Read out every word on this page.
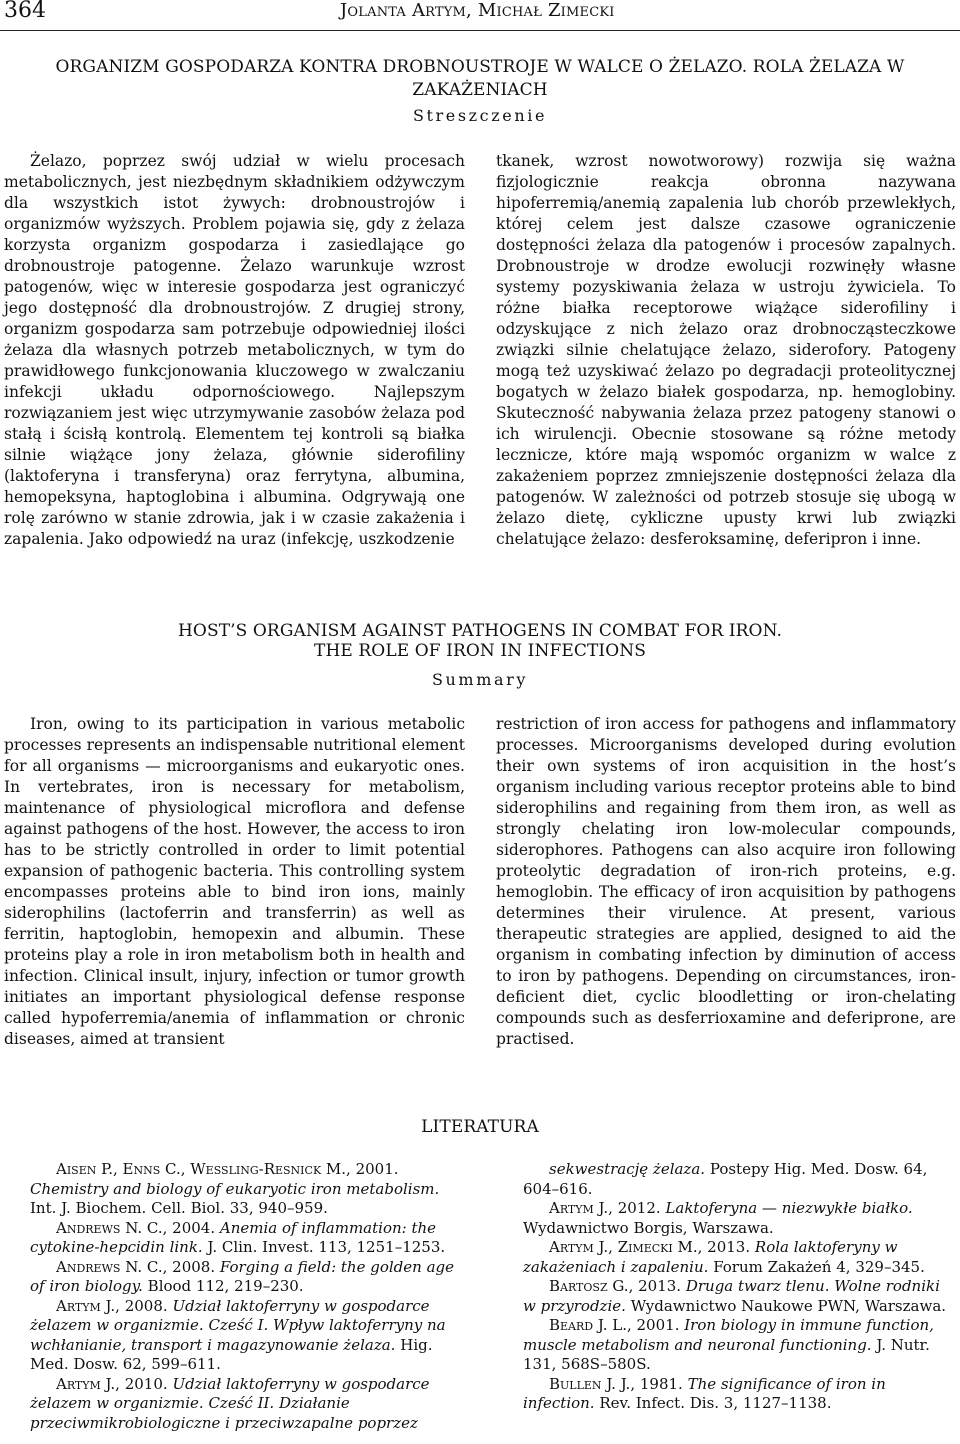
364	Jolanta Artym, Michał Zimecki
ORGANIZM GOSPODARZA KONTRA DROBNOUSTROJE W WALCE O ŻELAZO. ROLA ŻELAZA W
ZAKAŻENIACH
Streszczenie

Żelazo, poprzez swój udział w wielu procesach metabolicznych, jest niezbędnym składnikiem odżywczym dla wszystkich istot żywych: drobnoustrojów i organizmów wyższych. Problem pojawia się, gdy z żelaza korzysta organizm gospodarza i zasiedlające go drobnoustroje patogenne. Żelazo warunkuje wzrost patogenów, więc w interesie gospodarza jest ograniczyć jego dostępność dla drobnoustrojów. Z drugiej strony, organizm gospodarza sam potrzebuje odpowiedniej ilości żelaza dla własnych potrzeb metabolicznych, w tym do prawidłowego funkcjonowania kluczowego w zwalczaniu infekcji układu odpornościowego. Najlepszym rozwiązaniem jest więc utrzymywanie zasobów żelaza pod stałą i ścisłą kontrolą. Elementem tej kontroli są białka silnie wiążące jony żelaza, głównie siderofiliny (laktoferyna i transferyna) oraz ferrytyna, albumina, hemopeksyna, haptoglobina i albumina. Odgrywają one rolę zarówno w stanie zdrowia, jak i w czasie zakażenia i zapalenia. Jako odpowiedź na uraz (infekcję, uszkodzenie

tkanek, wzrost nowotworowy) rozwija się ważna fizjologicznie reakcja obronna nazywana hipoferremią/anemią zapalenia lub chorób przewlekłych, której celem jest dalsze czasowe ograniczenie dostępności żelaza dla patogenów i procesów zapalnych. Drobnoustroje w drodze ewolucji rozwinęły własne systemy pozyskiwania żelaza w ustroju żywiciela. To różne białka receptorowe wiążące siderofiliny i odzyskujące z nich żelazo oraz drobnocząsteczkowe związki silnie chelatujące żelazo, siderofory. Patogeny mogą też uzyskiwać żelazo po degradacji proteolitycznej bogatych w żelazo białek gospodarza, np. hemoglobiny. Skuteczność nabywania żelaza przez patogeny stanowi o ich wirulencji. Obecnie stosowane są różne metody lecznicze, które mają wspomóc organizm w walce z zakażeniem poprzez zmniejszenie dostępności żelaza dla patogenów. W zależności od potrzeb stosuje się ubogą w żelazo dietę, cykliczne upusty krwi lub związki chelatujące żelazo: desferoksaminę, deferipron i inne.

HOST’S ORGANISM AGAINST PATHOGENS IN COMBAT FOR IRON.
THE ROLE OF IRON IN INFECTIONS
Summary

Iron, owing to its participation in various metabolic processes represents an indispensable nutritional element for all organisms — microorganisms and eukaryotic ones. In vertebrates, iron is necessary for metabolism, maintenance of physiological microflora and defense against pathogens of the host. However, the access to iron has to be strictly controlled in order to limit potential expansion of pathogenic bacteria. This controlling system encompasses proteins able to bind iron ions, mainly siderophilins (lactoferrin and transferrin) as well as ferritin, haptoglobin, hemopexin and albumin. These proteins play a role in iron metabolism both in health and infection. Clinical insult, injury, infection or tumor growth initiates an important physiological defense response called hypoferremia/anemia of inflammation or chronic diseases, aimed at transient

restriction of iron access for pathogens and inflammatory processes. Microorganisms developed during evolution their own systems of iron acquisition in the host’s organism including various receptor proteins able to bind siderophilins and regaining from them iron, as well as strongly chelating iron low-molecular compounds, siderophores. Pathogens can also acquire iron following proteolytic degradation of iron-rich proteins, e.g. hemoglobin. The efficacy of iron acquisition by pathogens determines their virulence. At present, various therapeutic strategies are applied, designed to aid the organism in combating infection by diminution of access to iron by pathogens. Depending on circumstances, iron-deficient diet, cyclic bloodletting or iron-chelating compounds such as desferrioxamine and deferiprone, are practised.

LITERATURA

Aisen P., Enns C., Wessling-Resnick M., 2001. Chemistry and biology of eukaryotic iron metabolism. Int. J. Biochem. Cell. Biol. 33, 940–959.

Andrews N. C., 2004. Anemia of inflammation: the cytokine-hepcidin link. J. Clin. Invest. 113, 1251–1253.

Andrews N. C., 2008. Forging a field: the golden age of iron biology. Blood 112, 219–230.

Artym J., 2008. Udział laktoferryny w gospodarce żelazem w organizmie. Cześć I. Wpływ laktoferryny na wchłanianie, transport i magazynowanie żelaza. Hig. Med. Dosw. 62, 599–611.

Artym J., 2010. Udział laktoferryny w gospodarce żelazem w organizmie. Cześć II. Działanie przeciwmikrobiologiczne i przeciwzapalne poprzez

sekwestrację żelaza. Postepy Hig. Med. Dosw. 64, 604–616.

Artym J., 2012. Laktoferyna — niezwykłe białko. Wydawnictwo Borgis, Warszawa.

Artym J., Zimecki M., 2013. Rola laktoferyny w zakażeniach i zapaleniu. Forum Zakażeń 4, 329–345.

Bartosz G., 2013. Druga twarz tlenu. Wolne rodniki w przyrodzie. Wydawnictwo Naukowe PWN, Warszawa.

Beard J. L., 2001. Iron biology in immune function, muscle metabolism and neuronal functioning. J. Nutr. 131, 568S–580S.

Bullen J. J., 1981. The significance of iron in infection. Rev. Infect. Dis. 3, 1127–1138.
